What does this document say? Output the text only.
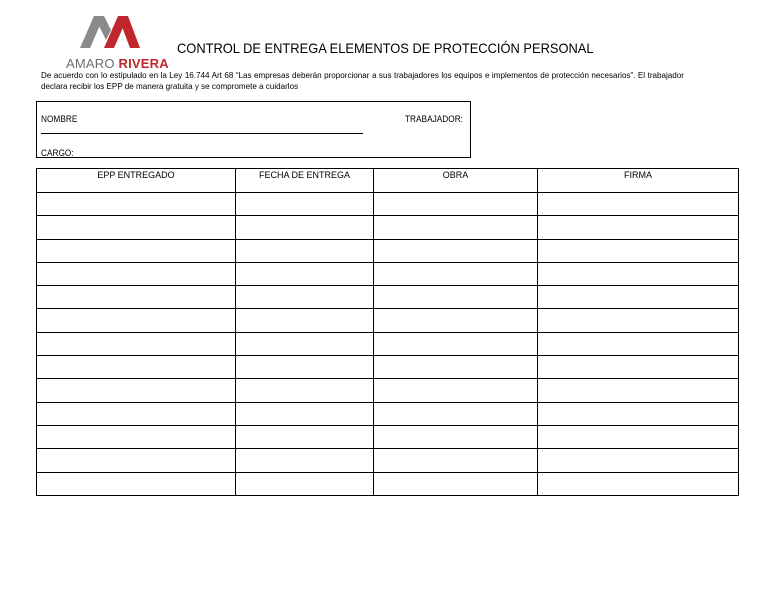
AMARO RIVERA
CONTROL DE ENTREGA ELEMENTOS DE PROTECCIÓN PERSONAL
De acuerdo con lo estipulado en la Ley 16.744 Art 68 “Las empresas deberán proporcionar a sus trabajadores los equipos e implementos de protección necesarios”. El trabajador declara recibir los EPP de manera gratuita y se compromete a cuidarlos
NOMBRE	TRABAJADOR:
CARGO:
EPP ENTREGADO	FECHA DE ENTREGA	OBRA	FIRMA
